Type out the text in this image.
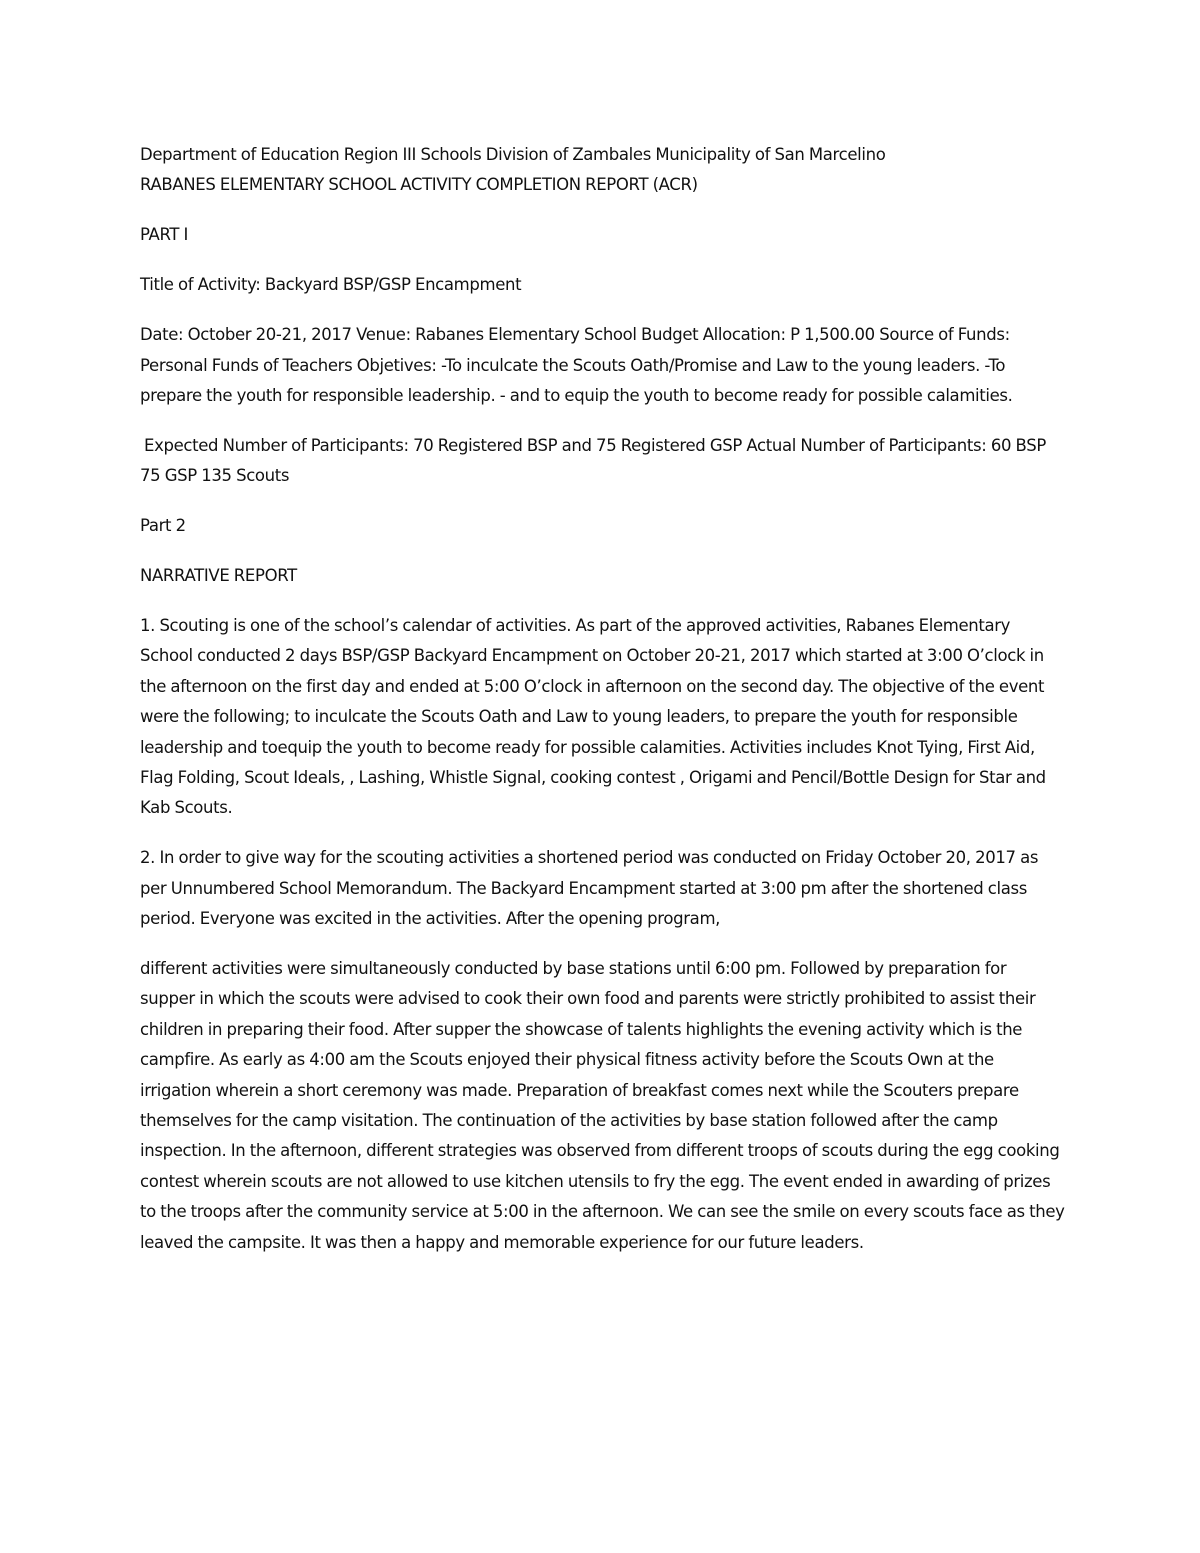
Department of Education Region III Schools Division of Zambales Municipality of San Marcelino
RABANES ELEMENTARY SCHOOL ACTIVITY COMPLETION REPORT (ACR)

PART I

Title of Activity: Backyard BSP/GSP Encampment

Date: October 20-21, 2017 Venue: Rabanes Elementary School Budget Allocation: P 1,500.00 Source of Funds: Personal Funds of Teachers Objetives: -To inculcate the Scouts Oath/Promise and Law to the young leaders. -To prepare the youth for responsible leadership. - and to equip the youth to become ready for possible calamities.

Expected Number of Participants: 70 Registered BSP and 75 Registered GSP Actual Number of Participants: 60 BSP 75 GSP 135 Scouts

Part 2

NARRATIVE REPORT

1. Scouting is one of the school’s calendar of activities. As part of the approved activities, Rabanes Elementary School conducted 2 days BSP/GSP Backyard Encampment on October 20-21, 2017 which started at 3:00 O’clock in the afternoon on the first day and ended at 5:00 O’clock in afternoon on the second day. The objective of the event were the following; to inculcate the Scouts Oath and Law to young leaders, to prepare the youth for responsible leadership and toequip the youth to become ready for possible calamities. Activities includes Knot Tying, First Aid, Flag Folding, Scout Ideals, , Lashing, Whistle Signal, cooking contest , Origami and Pencil/Bottle Design for Star and Kab Scouts.

2. In order to give way for the scouting activities a shortened period was conducted on Friday October 20, 2017 as per Unnumbered School Memorandum. The Backyard Encampment started at 3:00 pm after the shortened class period. Everyone was excited in the activities. After the opening program,

different activities were simultaneously conducted by base stations until 6:00 pm. Followed by preparation for supper in which the scouts were advised to cook their own food and parents were strictly prohibited to assist their children in preparing their food. After supper the showcase of talents highlights the evening activity which is the campfire. As early as 4:00 am the Scouts enjoyed their physical fitness activity before the Scouts Own at the irrigation wherein a short ceremony was made. Preparation of breakfast comes next while the Scouters prepare themselves for the camp visitation. The continuation of the activities by base station followed after the camp inspection. In the afternoon, different strategies was observed from different troops of scouts during the egg cooking contest wherein scouts are not allowed to use kitchen utensils to fry the egg. The event ended in awarding of prizes to the troops after the community service at 5:00 in the afternoon. We can see the smile on every scouts face as they leaved the campsite. It was then a happy and memorable experience for our future leaders.
